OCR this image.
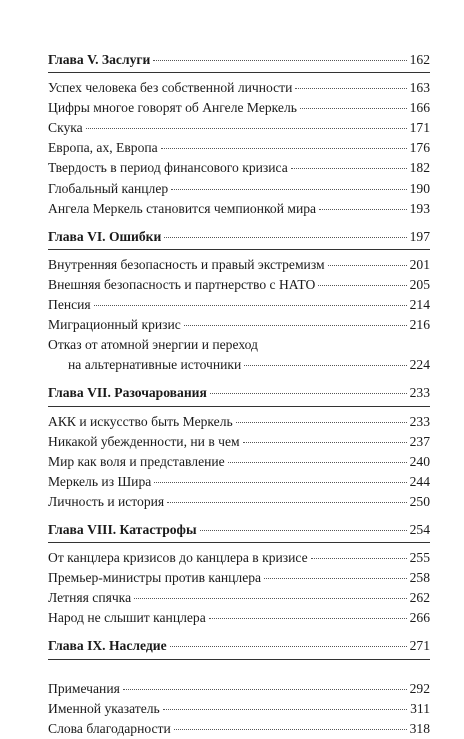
Глава V. Заслуги	162
Успех человека без собственной личности	163
Цифры многое говорят об Ангеле Меркель	166
Скука	171
Европа, ах, Европа	176
Твердость в период финансового кризиса	182
Глобальный канцлер	190
Ангела Меркель становится чемпионкой мира	193
Глава VI. Ошибки	197
Внутренняя безопасность и правый экстремизм	201
Внешняя безопасность и партнерство с НАТО	205
Пенсия	214
Миграционный кризис	216
Отказ от атомной энергии и переход
на альтернативные источники	224
Глава VII. Разочарования	233
АКК и искусство быть Меркель	233
Никакой убежденности, ни в чем	237
Мир как воля и представление	240
Меркель из Шира	244
Личность и история	250
Глава VIII. Катастрофы	254
От канцлера кризисов до канцлера в кризисе	255
Премьер-министры против канцлера	258
Летняя спячка	262
Народ не слышит канцлера	266
Глава IX. Наследие	271
Примечания	292
Именной указатель	311
Слова благодарности	318
